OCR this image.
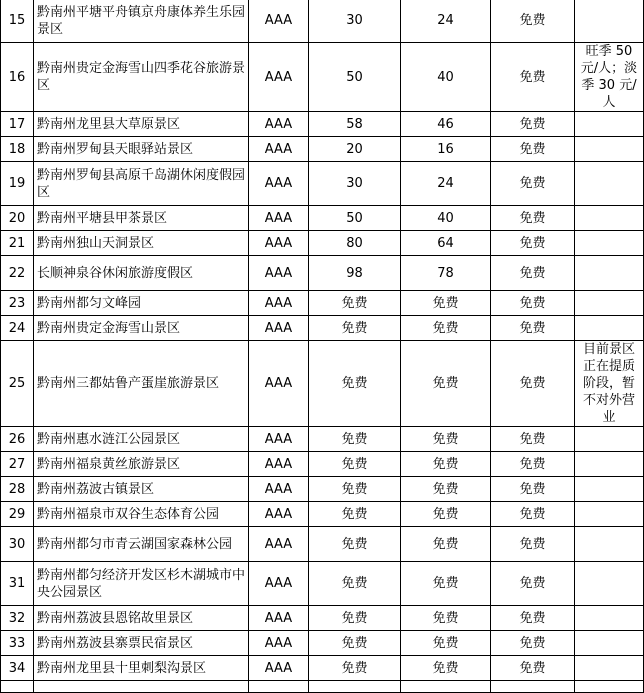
15	黔南州平塘平舟镇京舟康体养生乐园景区	AAA	30	24	免费	
16	黔南州贵定金海雪山四季花谷旅游景区	AAA	50	40	免费	旺季 50 元/人；淡季 30 元/人
17	黔南州龙里县大草原景区	AAA	58	46	免费	
18	黔南州罗甸县天眼驿站景区	AAA	20	16	免费	
19	黔南州罗甸县高原千岛湖休闲度假园区	AAA	30	24	免费	
20	黔南州平塘县甲茶景区	AAA	50	40	免费	
21	黔南州独山天洞景区	AAA	80	64	免费	
22	长顺神泉谷休闲旅游度假区	AAA	98	78	免费	
23	黔南州都匀文峰园	AAA	免费	免费	免费	
24	黔南州贵定金海雪山景区	AAA	免费	免费	免费	
25	黔南州三都姑鲁产蛋崖旅游景区	AAA	免费	免费	免费	目前景区正在提质阶段，暂不对外营业
26	黔南州惠水涟江公园景区	AAA	免费	免费	免费	
27	黔南州福泉黄丝旅游景区	AAA	免费	免费	免费	
28	黔南州荔波古镇景区	AAA	免费	免费	免费	
29	黔南州福泉市双谷生态体育公园	AAA	免费	免费	免费	
30	黔南州都匀市青云湖国家森林公园	AAA	免费	免费	免费	
31	黔南州都匀经济开发区杉木湖城市中央公园景区	AAA	免费	免费	免费	
32	黔南州荔波县恩铭故里景区	AAA	免费	免费	免费	
33	黔南州荔波县寨票民宿景区	AAA	免费	免费	免费	
34	黔南州龙里县十里刺梨沟景区	AAA	免费	免费	免费	
